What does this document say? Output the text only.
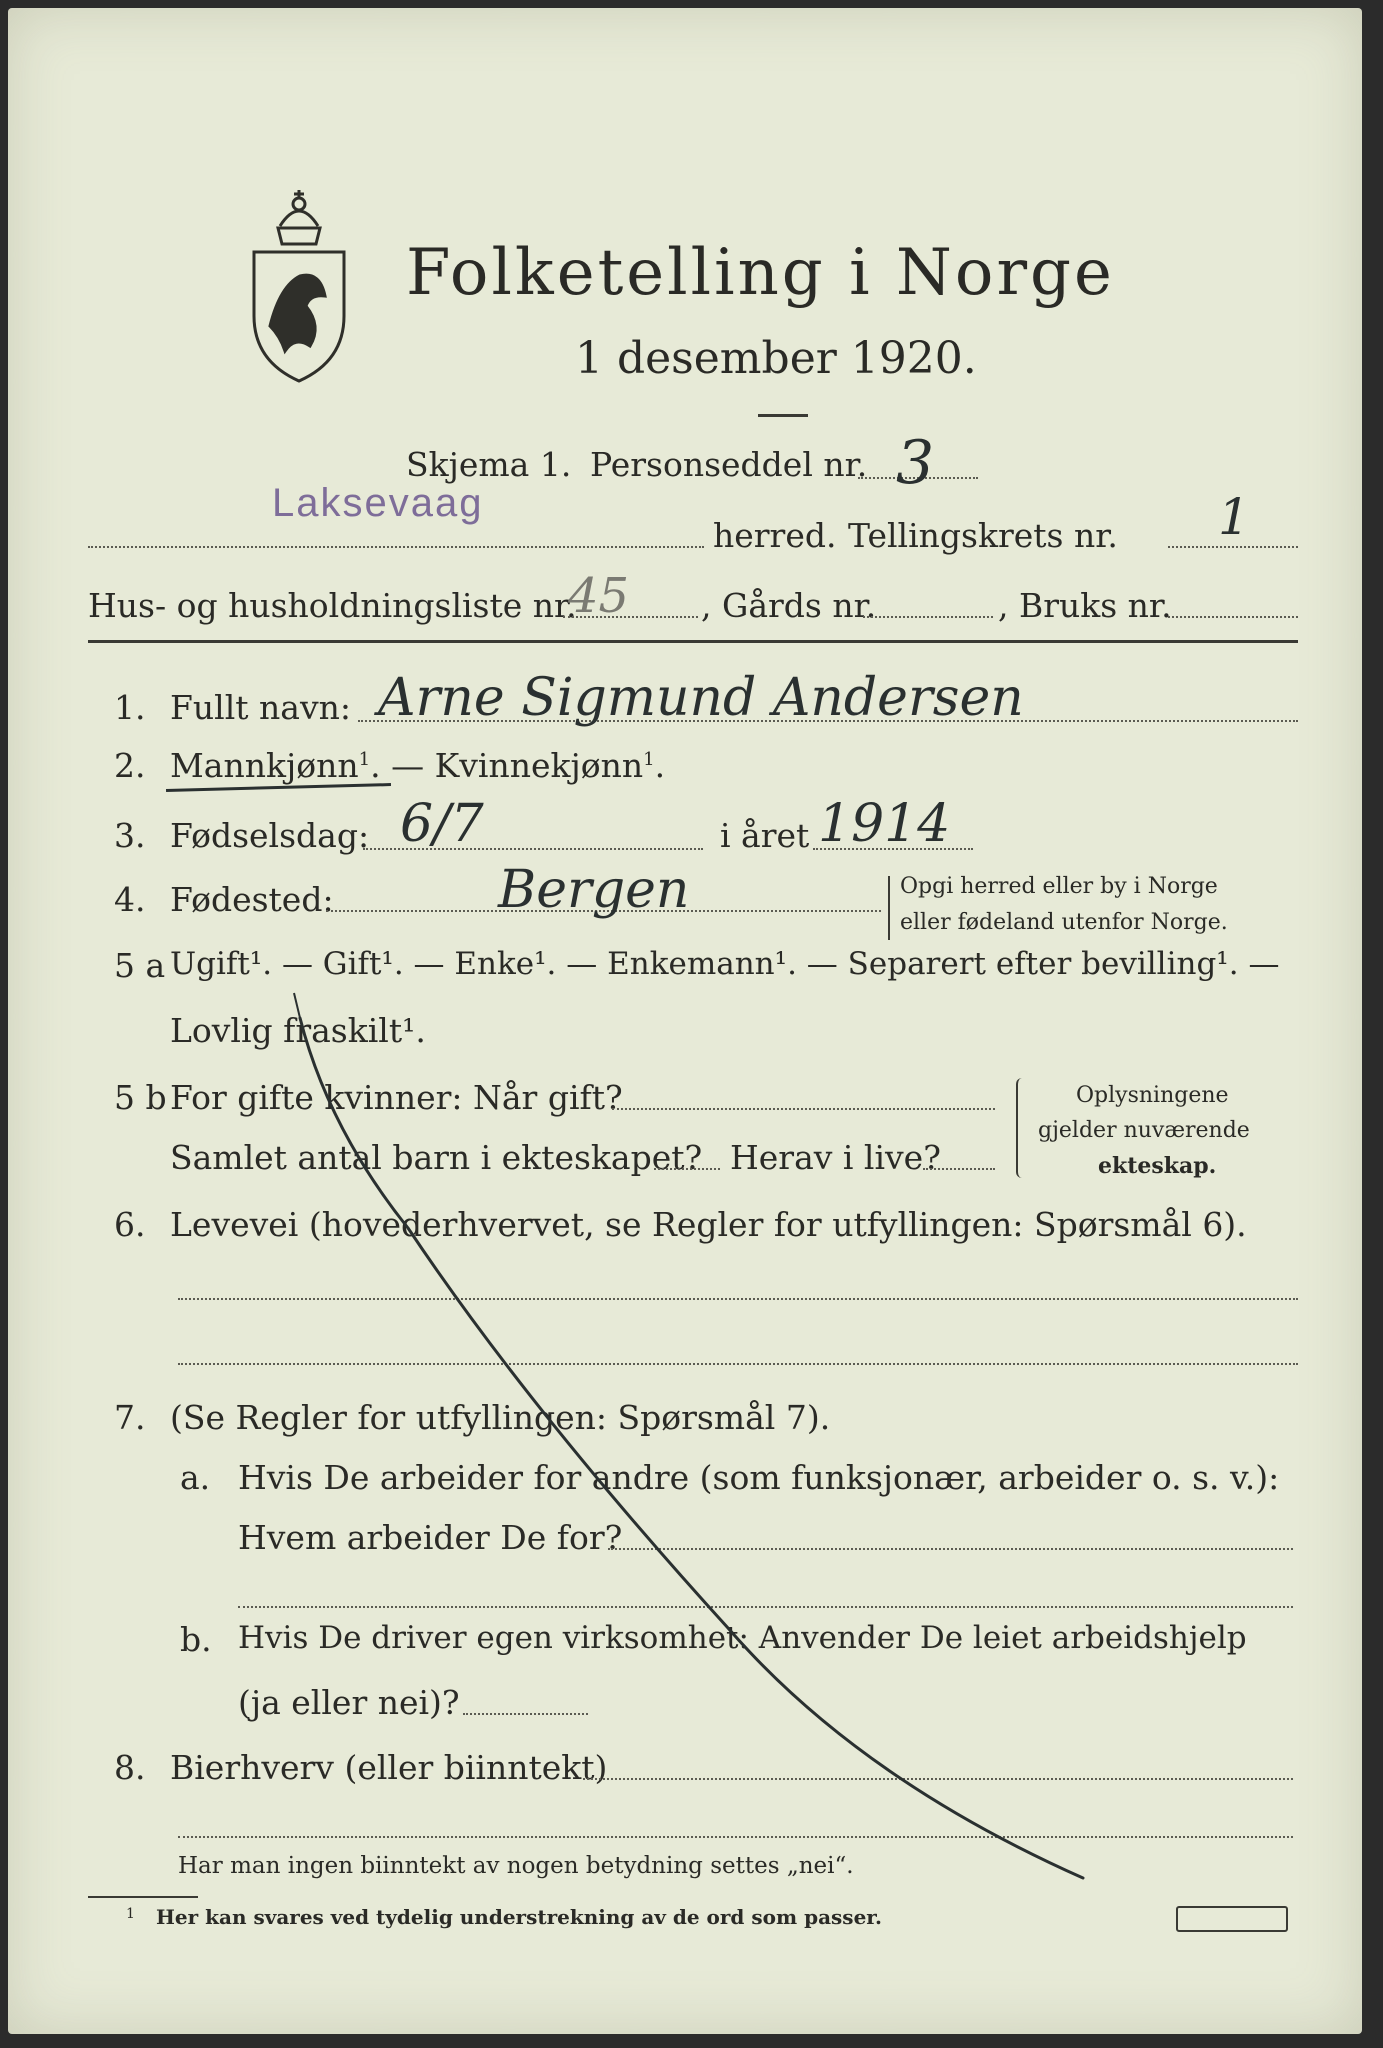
Folketelling i Norge
1 desember 1920.
Skjema 1. Personseddel nr. 3
Laksevaag
herred. Tellingskrets nr. 1
Hus- og husholdningsliste nr.
45 , Gårds nr.	, Bruks nr.
1. Fullt navn: Arne Sigmund Andersen
2. Mannkjønn$^1$. — Kvinnekjønn$^1$.
3. Fødselsdag: 6/7	i året 1914
4. Fødested:	Bergen	Opgi herred eller by i Norge
eller fødeland utenfor Norge.
5 a Ugift¹. — Gift¹. — Enke¹. — Enkemann¹. — Separert efter bevilling¹. —
Lovlig fraskilt¹.
5 b For gifte kvinner: Når gift?
Samlet antal barn i ekteskapet? Herav i live?
Oplysningene
gjelder nuværende
ekteskap.
6. Levevei (hovederhvervet, se Regler for utfyllingen: Spørsmål 6).
7. (Se Regler for utfyllingen: Spørsmål 7).
a. Hvis De arbeider for andre (som funksjonær, arbeider o. s. v.):
Hvem arbeider De for?
b. Hvis De driver egen virksomhet: Anvender De leiet arbeidshjelp
(ja eller nei)?
8. Bierhverv (eller biinntekt)
Har man ingen biinntekt av nogen betydning settes „nei“.
1 Her kan svares ved tydelig understrekning av de ord som passer.
